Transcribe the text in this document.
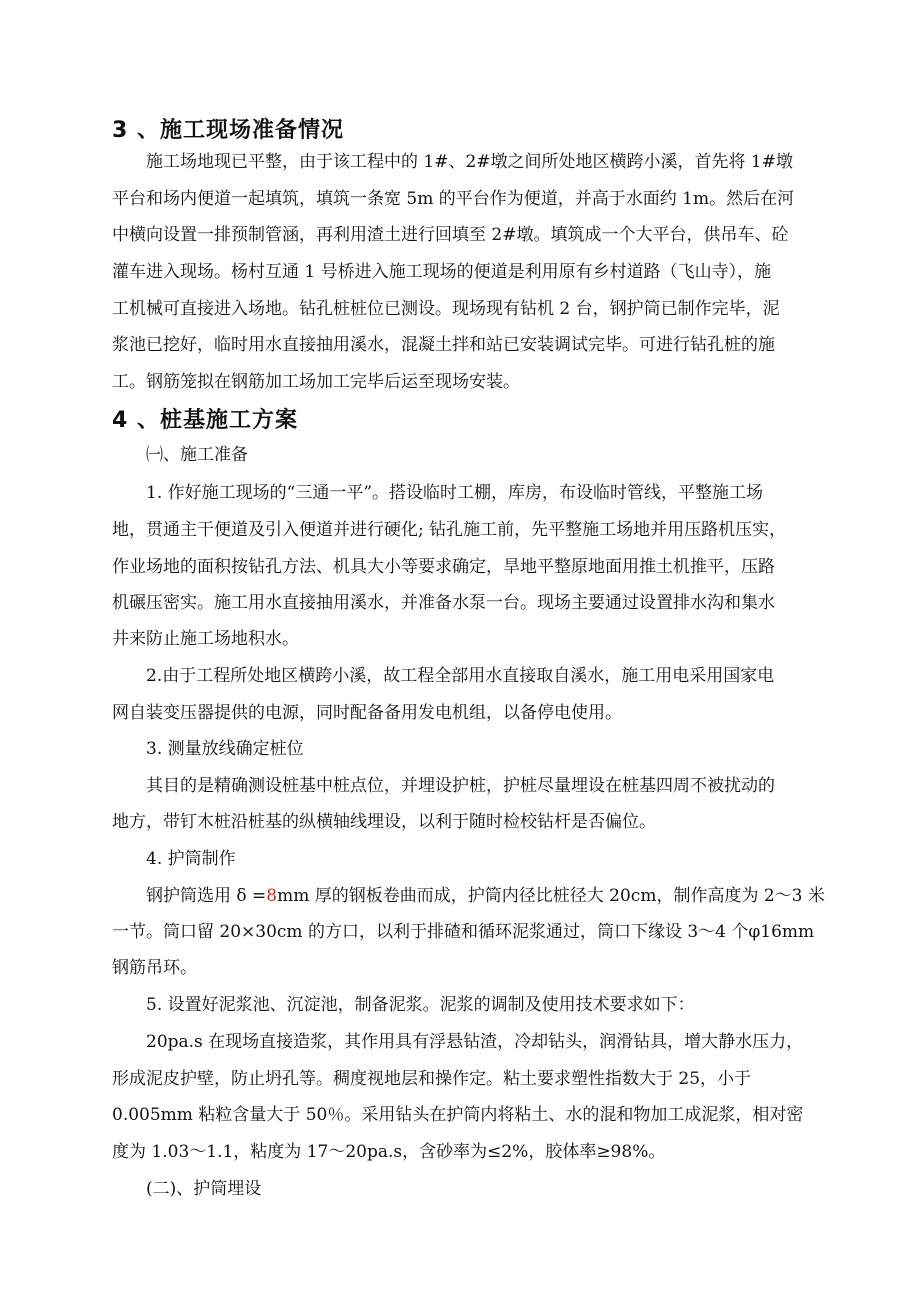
3 、施工现场准备情况
施工场地现已平整，由于该工程中的 1#、2#墩之间所处地区横跨小溪，首先将 1#墩
平台和场内便道一起填筑，填筑一条宽 5m 的平台作为便道，并高于水面约 1m。然后在河
中横向设置一排预制管涵，再利用渣土进行回填至 2#墩。填筑成一个大平台，供吊车、砼
灌车进入现场。杨村互通 1 号桥进入施工现场的便道是利用原有乡村道路（飞山寺），施
工机械可直接进入场地。钻孔桩桩位已测设。现场现有钻机 2 台，钢护筒已制作完毕，泥
浆池已挖好，临时用水直接抽用溪水，混凝土拌和站已安装调试完毕。可进行钻孔桩的施
工。钢筋笼拟在钢筋加工场加工完毕后运至现场安装。
4 、桩基施工方案
㈠、施工准备
1. 作好施工现场的“三通一平”。搭设临时工棚，库房，布设临时管线，平整施工场
地，贯通主干便道及引入便道并进行硬化; 钻孔施工前，先平整施工场地并用压路机压实，
作业场地的面积按钻孔方法、机具大小等要求确定，旱地平整原地面用推土机推平，压路
机碾压密实。施工用水直接抽用溪水，并准备水泵一台。现场主要通过设置排水沟和集水
井来防止施工场地积水。
2.由于工程所处地区横跨小溪，故工程全部用水直接取自溪水，施工用电采用国家电
网自装变压器提供的电源，同时配备备用发电机组，以备停电使用。
3. 测量放线确定桩位
其目的是精确测设桩基中桩点位，并埋设护桩，护桩尽量埋设在桩基四周不被扰动的
地方，带钉木桩沿桩基的纵横轴线埋设，以利于随时检校钻杆是否偏位。
4. 护筒制作
钢护筒选用 δ =8mm 厚的钢板卷曲而成，护筒内径比桩径大 20cm，制作高度为 2～3 米
一节。筒口留 20×30cm 的方口，以利于排碴和循环泥浆通过，筒口下缘设 3～4 个φ16mm
钢筋吊环。
5. 设置好泥浆池、沉淀池，制备泥浆。泥浆的调制及使用技术要求如下：
20pa.s 在现场直接造浆，其作用具有浮悬钻渣，冷却钻头，润滑钻具，增大静水压力，
形成泥皮护壁，防止坍孔等。稠度视地层和操作定。粘土要求塑性指数大于 25，小于
0.005mm 粘粒含量大于 50％。采用钻头在护筒内将粘土、水的混和物加工成泥浆，相对密
度为 1.03～1.1，粘度为 17～20pa.s，含砂率为≤2%，胶体率≥98%。
(二)、护筒埋设
